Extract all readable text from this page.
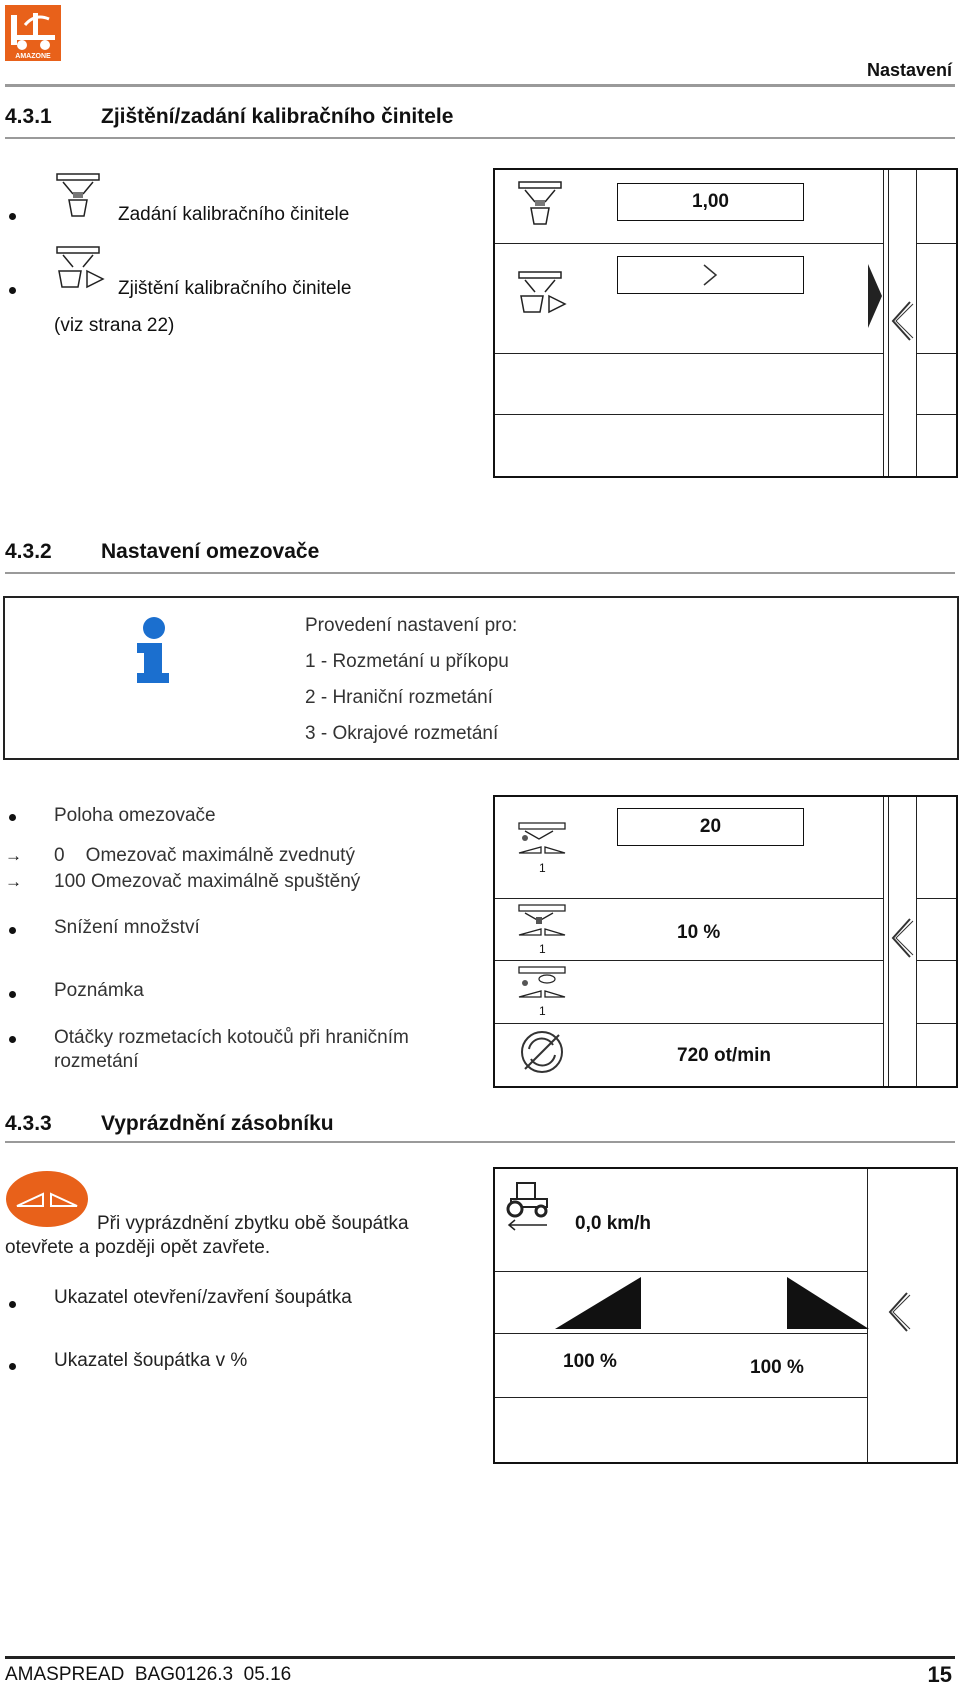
AMAZONE
Nastavení
4.3.1 Zjištění/zadání kalibračního činitele
Zadání kalibračního činitele
Zjištění kalibračního činitele
(viz strana 22)
1,00
4.3.2 Nastavení omezovače
Provedení nastavení pro:
1 - Rozmetání u příkopu
2 - Hraniční rozmetání
3 - Okrajové rozmetání
Poloha omezovače
→ 0    Omezovač maximálně zvednutý
→ 100 Omezovač maximálně spuštěný
Snížení množství
Poznámka
Otáčky rozmetacích kotoučů při hraničním
rozmetání
1
20
1
10 %
1
720 ot/min
4.3.3 Vyprázdnění zásobníku
Při vyprázdnění zbytku obě šoupátka
otevřete a později opět zavřete.
Ukazatel otevření/zavření šoupátka
Ukazatel šoupátka v %
0,0 km/h
100 %	100 %
AMASPREAD  BAG0126.3  05.16	15
